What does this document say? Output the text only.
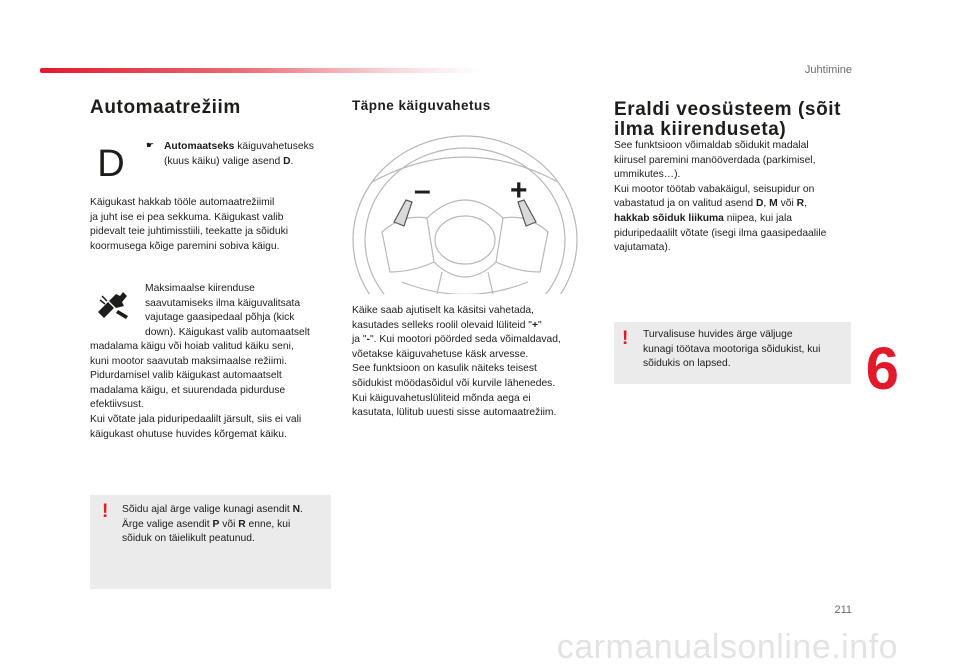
Juhtimine
Automaatrežiim
D	☛ Automaatseks käiguvahetuseks
(kuus käiku) valige asend D.
Käigukast hakkab tööle automaatrežiimil
ja juht ise ei pea sekkuma. Käigukast valib
pidevalt teie juhtimisstiili, teekatte ja sõiduki
koormusega kõige paremini sobiva käigu.
Maksimaalse kiirenduse
saavutamiseks ilma käiguvalitsata
vajutage gaasipedaal põhja (kick
down). Käigukast valib automaatselt
madalama käigu või hoiab valitud käiku seni,
kuni mootor saavutab maksimaalse režiimi.
Pidurdamisel valib käigukast automaatselt
madalama käigu, et suurendada pidurduse
efektiivsust.
Kui võtate jala piduripedaalilt järsult, siis ei vali
käigukast ohutuse huvides kõrgemat käiku.
! Sõidu ajal ärge valige kunagi asendit N.
Ärge valige asendit P või R enne, kui
sõiduk on täielikult peatunud.
Täpne käiguvahetus
–	+
Käike saab ajutiselt ka käsitsi vahetada,
kasutades selleks roolil olevaid lüliteid "+"
ja "-". Kui mootori pöörded seda võimaldavad,
võetakse käiguvahetuse käsk arvesse.
See funktsioon on kasulik näiteks teisest
sõidukist möödasõidul või kurvile lähenedes.
Kui käiguvahetuslüliteid mõnda aega ei
kasutata, lülitub uuesti sisse automaatrežiim.
Eraldi veosüsteem (sõit
ilma kiirenduseta)
See funktsioon võimaldab sõidukit madalal
kiirusel paremini manööverdada (parkimisel,
ummikutes…).
Kui mootor töötab vabakäigul, seisupidur on
vabastatud ja on valitud asend D, M või R,
hakkab sõiduk liikuma niipea, kui jala
piduripedaalilt võtate (isegi ilma gaasipedaalile
vajutamata).
! Turvalisuse huvides ärge väljuge
kunagi töötava mootoriga sõidukist, kui
sõidukis on lapsed.	6
211
carmanualsonline.info
